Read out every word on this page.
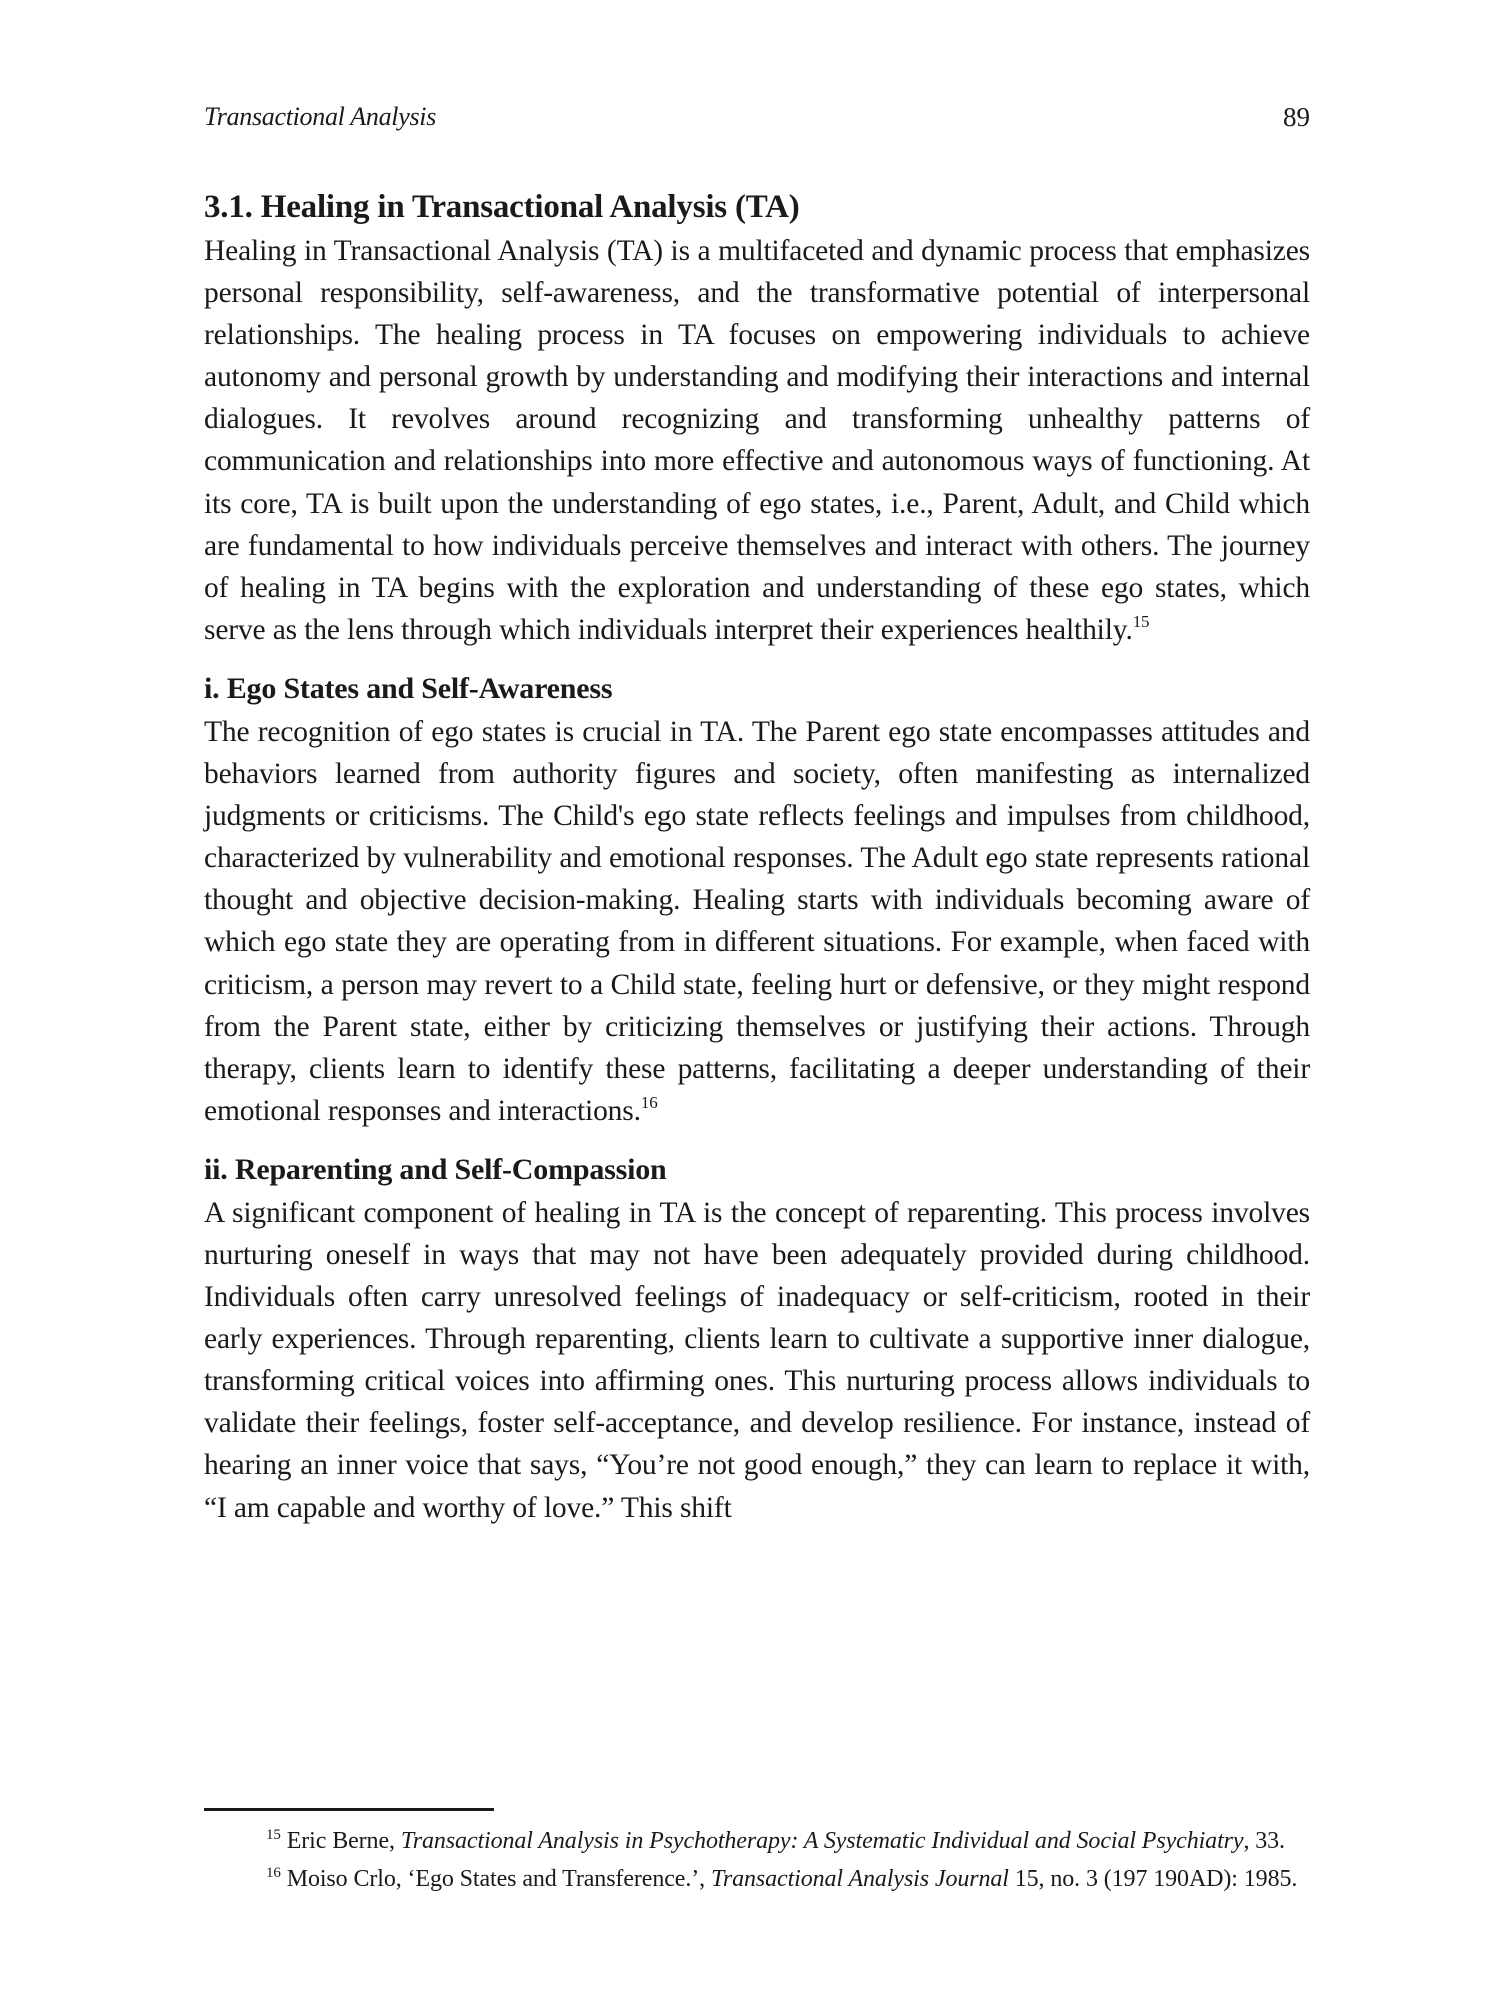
Transactional Analysis	89
3.1. Healing in Transactional Analysis (TA)

Healing in Transactional Analysis (TA) is a multifaceted and dynamic process that emphasizes personal responsibility, self-awareness, and the transformative potential of interpersonal relationships. The healing process in TA focuses on empowering individuals to achieve autonomy and personal growth by understanding and modifying their interactions and internal dialogues. It revolves around recognizing and transforming unhealthy patterns of communication and relationships into more effective and autonomous ways of functioning. At its core, TA is built upon the understanding of ego states, i.e., Parent, Adult, and Child which are fundamental to how individuals perceive themselves and interact with others. The journey of healing in TA begins with the exploration and understanding of these ego states, which serve as the lens through which individuals interpret their experiences healthily.$^{15}$

i. Ego States and Self-Awareness

The recognition of ego states is crucial in TA. The Parent ego state encompasses attitudes and behaviors learned from authority figures and society, often manifesting as internalized judgments or criticisms. The Child's ego state reflects feelings and impulses from childhood, characterized by vulnerability and emotional responses. The Adult ego state represents rational thought and objective decision-making. Healing starts with individuals becoming aware of which ego state they are operating from in different situations. For example, when faced with criticism, a person may revert to a Child state, feeling hurt or defensive, or they might respond from the Parent state, either by criticizing themselves or justifying their actions. Through therapy, clients learn to identify these patterns, facilitating a deeper understanding of their emotional responses and interactions.$^{16}$

ii. Reparenting and Self-Compassion

A significant component of healing in TA is the concept of reparenting. This process involves nurturing oneself in ways that may not have been adequately provided during childhood. Individuals often carry unresolved feelings of inadequacy or self-criticism, rooted in their early experiences. Through reparenting, clients learn to cultivate a supportive inner dialogue, transforming critical voices into affirming ones. This nurturing process allows individuals to validate their feelings, foster self-acceptance, and develop resilience. For instance, instead of hearing an inner voice that says, “You’re not good enough,” they can learn to replace it with, “I am capable and worthy of love.” This shift

$^{15}$ Eric Berne, Transactional Analysis in Psychotherapy: A Systematic Individual and Social Psychiatry, 33.

$^{16}$ Moiso Crlo, ‘Ego States and Transference.’, Transactional Analysis Journal 15, no. 3 (197 190AD): 1985.
